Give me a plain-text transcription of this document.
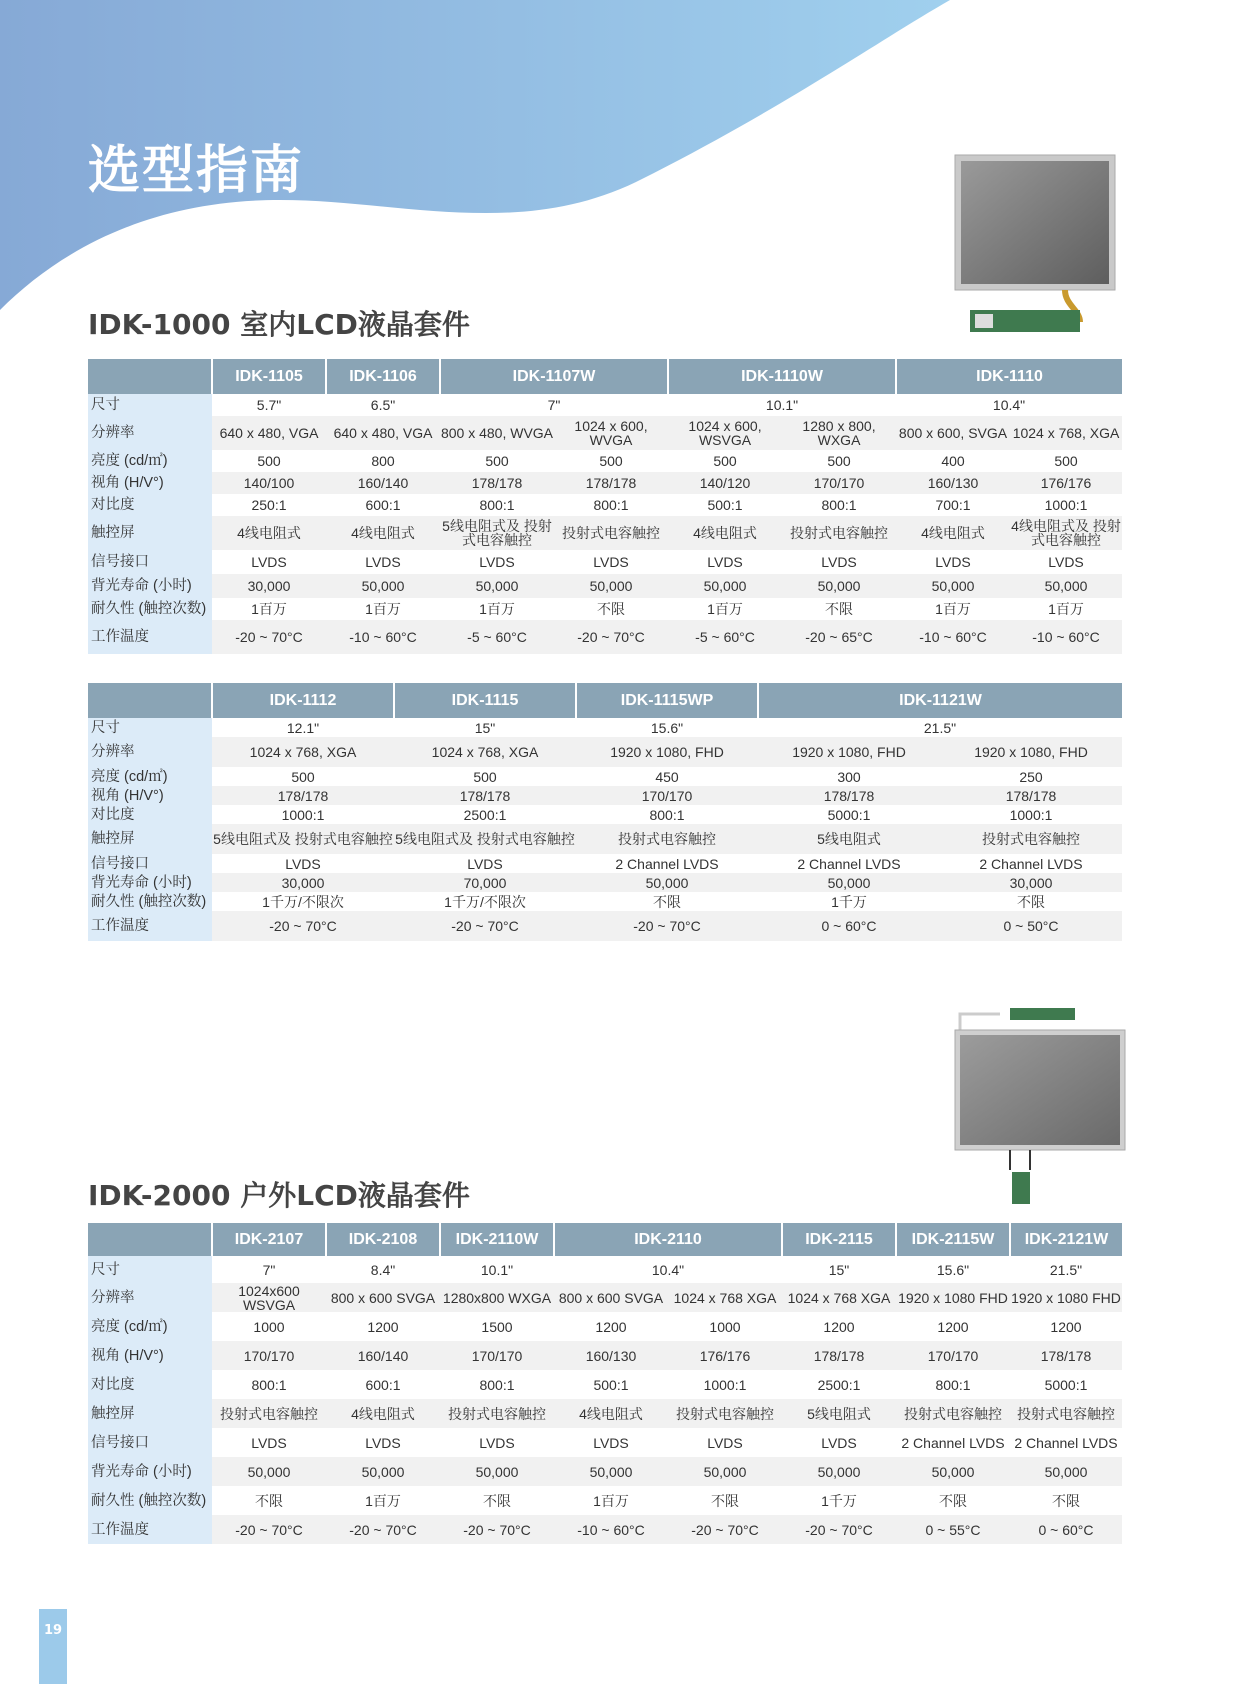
选型指南
IDK-1000 室内LCD液晶套件
	IDK-1105	IDK-1106	IDK-1107W		IDK-1110W		IDK-1110	
尺寸	5.7"	6.5"	7"		10.1"		10.4"	
分辨率	640 x 480, VGA	640 x 480, VGA	800 x 480, WVGA	1024 x 600, WVGA	1024 x 600, WSVGA	1280 x 800, WXGA	800 x 600, SVGA	1024 x 768, XGA
亮度 (cd/㎡)	500	800	500	500	500	500	400	500
视角 (H/V°)	140/100	160/140	178/178	178/178	140/120	170/170	160/130	176/176
对比度	250:1	600:1	800:1	800:1	500:1	800:1	700:1	1000:1
触控屏	4线电阻式	4线电阻式	5线电阻式及 投射式电容触控	投射式电容触控	4线电阻式	投射式电容触控	4线电阻式	4线电阻式及 投射式电容触控
信号接口	LVDS	LVDS	LVDS	LVDS	LVDS	LVDS	LVDS	LVDS
背光寿命 (小时)	30,000	50,000	50,000	50,000	50,000	50,000	50,000	50,000
耐久性 (触控次数)	1百万	1百万	1百万	不限	1百万	不限	1百万	1百万
工作温度	-20 ~ 70°C	-10 ~ 60°C	-5 ~ 60°C	-20 ~ 70°C	-5 ~ 60°C	-20 ~ 65°C	-10 ~ 60°C	-10 ~ 60°C
	IDK-1112	IDK-1115	IDK-1115WP	IDK-1121W	
尺寸	12.1"	15"	15.6"	21.5"	
分辨率	1024 x 768, XGA	1024 x 768, XGA	1920 x 1080, FHD	1920 x 1080, FHD	1920 x 1080, FHD
亮度 (cd/㎡)	500	500	450	300	250
视角 (H/V°)	178/178	178/178	170/170	178/178	178/178
对比度	1000:1	2500:1	800:1	5000:1	1000:1
触控屏	5线电阻式及 投射式电容触控	5线电阻式及 投射式电容触控	投射式电容触控	5线电阻式	投射式电容触控
信号接口	LVDS	LVDS	2 Channel LVDS	2 Channel LVDS	2 Channel LVDS
背光寿命 (小时)	30,000	70,000	50,000	50,000	30,000
耐久性 (触控次数)	1千万/不限次	1千万/不限次	不限	1千万	不限
工作温度	-20 ~ 70°C	-20 ~ 70°C	-20 ~ 70°C	0 ~ 60°C	0 ~ 50°C
IDK-2000 户外LCD液晶套件
	IDK-2107	IDK-2108	IDK-2110W	IDK-2110		IDK-2115	IDK-2115W	IDK-2121W
尺寸	7"	8.4"	10.1"	10.4"		15"	15.6"	21.5"
分辨率	1024x600 WSVGA	800 x 600 SVGA	1280x800 WXGA	800 x 600 SVGA	1024 x 768 XGA	1024 x 768 XGA	1920 x 1080 FHD	1920 x 1080 FHD
亮度 (cd/㎡)	1000	1200	1500	1200	1000	1200	1200	1200
视角 (H/V°)	170/170	160/140	170/170	160/130	176/176	178/178	170/170	178/178
对比度	800:1	600:1	800:1	500:1	1000:1	2500:1	800:1	5000:1
触控屏	投射式电容触控	4线电阻式	投射式电容触控	4线电阻式	投射式电容触控	5线电阻式	投射式电容触控	投射式电容触控
信号接口	LVDS	LVDS	LVDS	LVDS	LVDS	LVDS	2 Channel LVDS	2 Channel LVDS
背光寿命 (小时)	50,000	50,000	50,000	50,000	50,000	50,000	50,000	50,000
耐久性 (触控次数)	不限	1百万	不限	1百万	不限	1千万	不限	不限
工作温度	-20 ~ 70°C	-20 ~ 70°C	-20 ~ 70°C	-10 ~ 60°C	-20 ~ 70°C	-20 ~ 70°C	0 ~ 55°C	0 ~ 60°C
19
